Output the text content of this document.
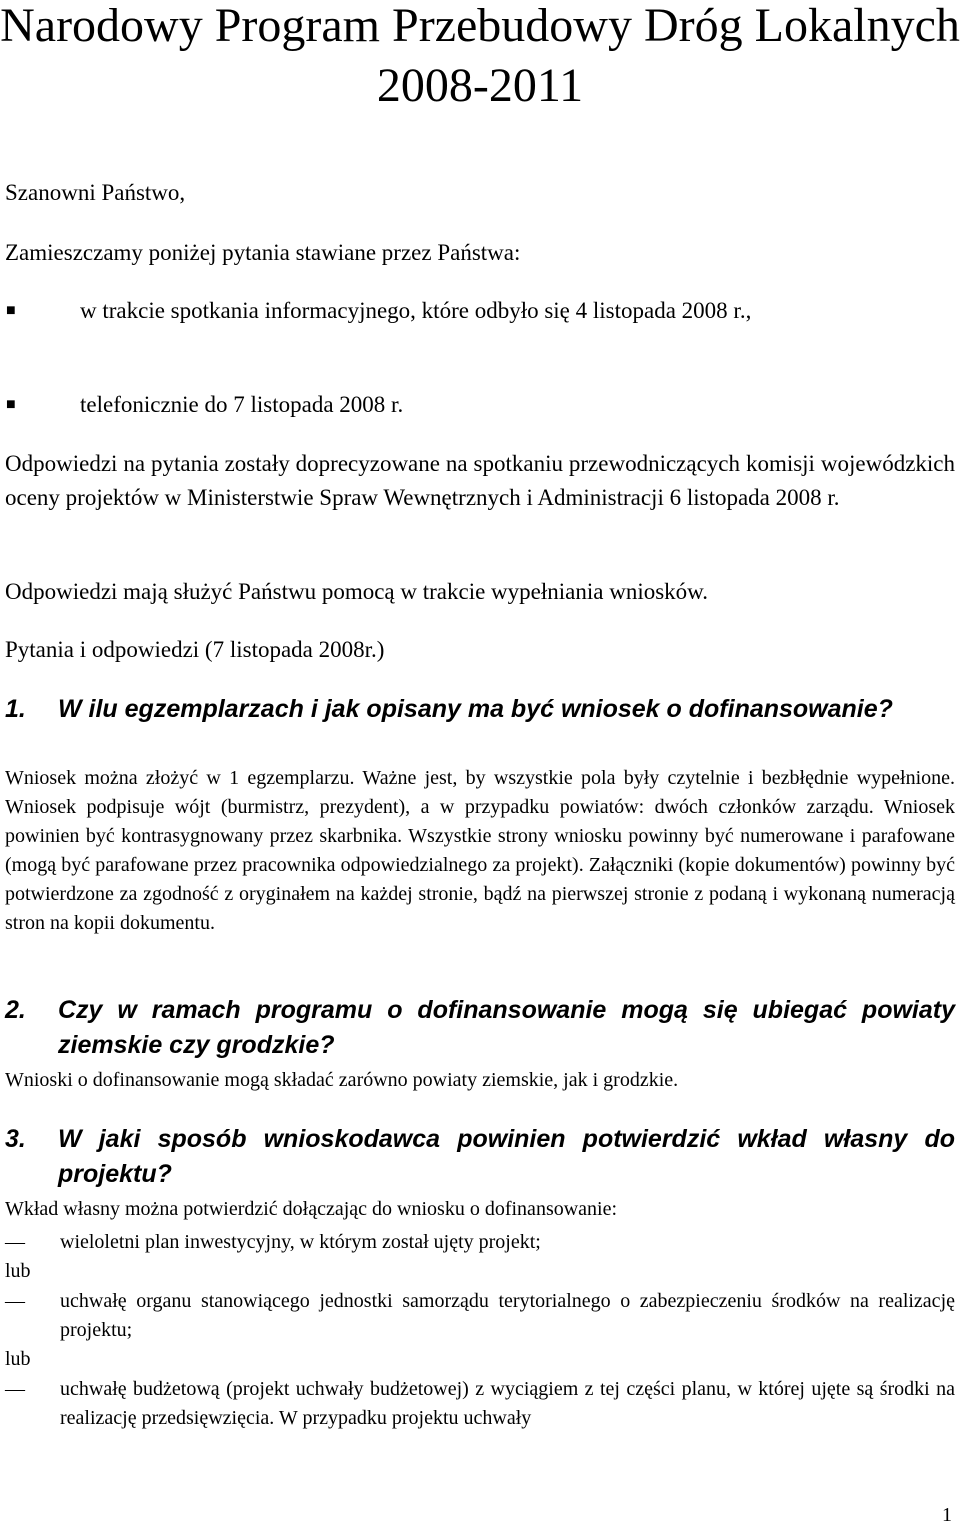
Narodowy Program Przebudowy Dróg Lokalnych 2008-2011

Szanowni Państwo,

Zamieszczamy poniżej pytania stawiane przez Państwa:

■	w trakcie spotkania informacyjnego, które odbyło się 4 listopada 2008 r.,

■	telefonicznie do 7 listopada 2008 r.

Odpowiedzi na pytania zostały doprecyzowane na spotkaniu przewodniczących komisji wojewódzkich oceny projektów w Ministerstwie Spraw Wewnętrznych i Administracji 6 listopada 2008 r.

Odpowiedzi mają służyć Państwu pomocą w trakcie wypełniania wniosków.

Pytania i odpowiedzi (7 listopada 2008r.)

1. W ilu egzemplarzach i jak opisany ma być wniosek o dofinansowanie?

Wniosek można złożyć w 1 egzemplarzu. Ważne jest, by wszystkie pola były czytelnie i bezbłędnie wypełnione. Wniosek podpisuje wójt (burmistrz, prezydent), a w przypadku powiatów: dwóch członków zarządu. Wniosek powinien być kontrasygnowany przez skarbnika. Wszystkie strony wniosku powinny być numerowane i parafowane (mogą być parafowane przez pracownika odpowiedzialnego za projekt). Załączniki (kopie dokumentów) powinny być potwierdzone za zgodność z oryginałem na każdej stronie, bądź na pierwszej stronie z podaną i wykonaną numeracją stron na kopii dokumentu.

2. Czy w ramach programu o dofinansowanie mogą się ubiegać powiaty ziemskie czy grodzkie?

Wnioski o dofinansowanie mogą składać zarówno powiaty ziemskie, jak i grodzkie.

3. W jaki sposób wnioskodawca powinien potwierdzić wkład własny do projektu?

Wkład własny można potwierdzić dołączając do wniosku o dofinansowanie:

— wieloletni plan inwestycyjny, w którym został ujęty projekt;

lub

— uchwałę organu stanowiącego jednostki samorządu terytorialnego o zabezpieczeniu środków na realizację projektu;

lub

— uchwałę budżetową (projekt uchwały budżetowej) z wyciągiem z tej części planu, w której ujęte są środki na realizację przedsięwzięcia. W przypadku projektu uchwały

1
